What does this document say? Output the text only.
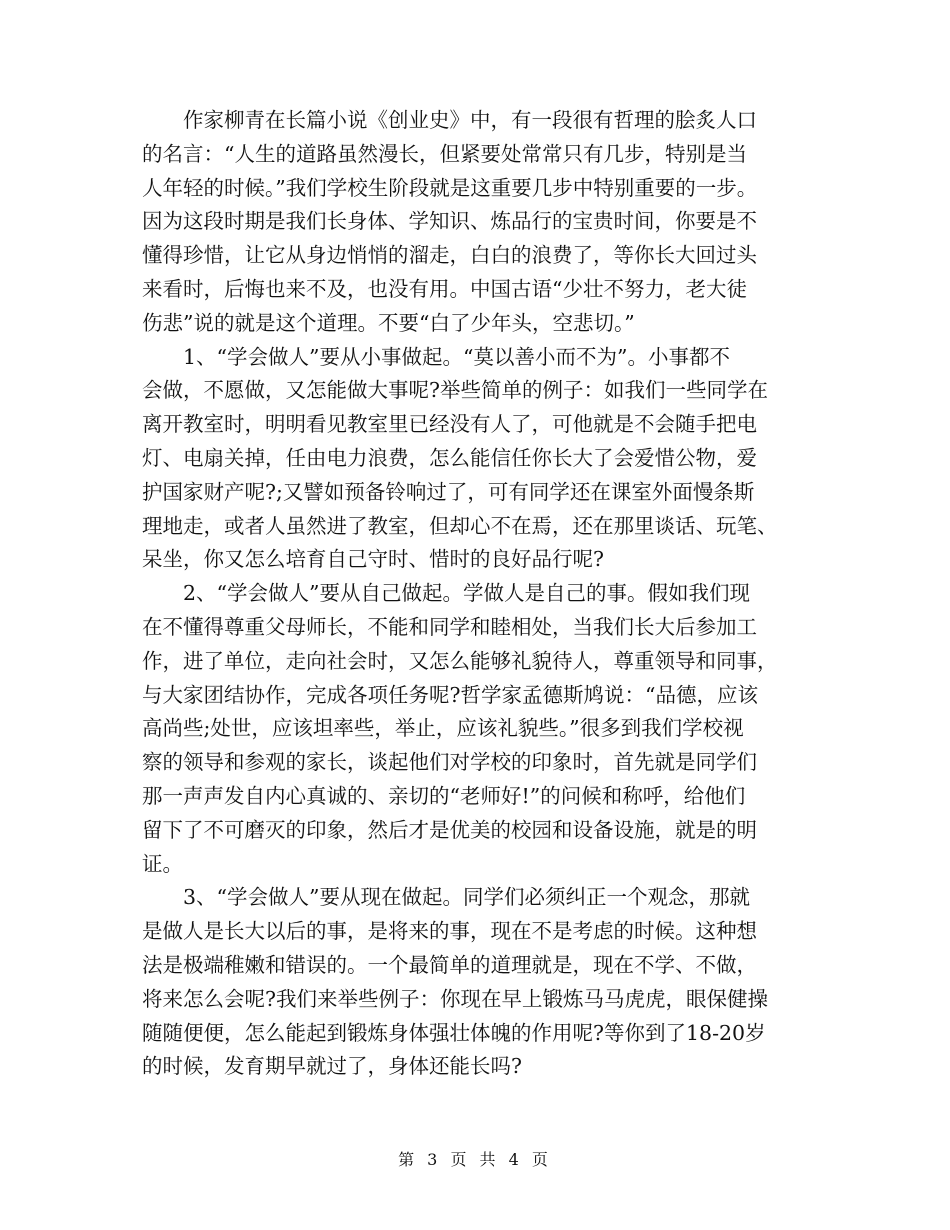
　　作家柳青在长篇小说《创业史》中，有一段很有哲理的脍炙人口
的名言：“人生的道路虽然漫长，但紧要处常常只有几步，特别是当
人年轻的时候。”我们学校生阶段就是这重要几步中特别重要的一步。
因为这段时期是我们长身体、学知识、炼品行的宝贵时间，你要是不
懂得珍惜，让它从身边悄悄的溜走，白白的浪费了，等你长大回过头
来看时，后悔也来不及，也没有用。中国古语“少壮不努力，老大徒
伤悲”说的就是这个道理。不要“白了少年头，空悲切。”
　　1、“学会做人”要从小事做起。“莫以善小而不为”。小事都不
会做，不愿做，又怎能做大事呢?举些简单的例子：如我们一些同学在
离开教室时，明明看见教室里已经没有人了，可他就是不会随手把电
灯、电扇关掉，任由电力浪费，怎么能信任你长大了会爱惜公物，爱
护国家财产呢?;又譬如预备铃响过了，可有同学还在课室外面慢条斯
理地走，或者人虽然进了教室，但却心不在焉，还在那里谈话、玩笔、
呆坐，你又怎么培育自己守时、惜时的良好品行呢?
　　2、“学会做人”要从自己做起。学做人是自己的事。假如我们现
在不懂得尊重父母师长，不能和同学和睦相处，当我们长大后参加工
作，进了单位，走向社会时，又怎么能够礼貌待人，尊重领导和同事，
与大家团结协作，完成各项任务呢?哲学家孟德斯鸠说：“品德，应该
高尚些;处世，应该坦率些，举止，应该礼貌些。”很多到我们学校视
察的领导和参观的家长，谈起他们对学校的印象时，首先就是同学们
那一声声发自内心真诚的、亲切的“老师好!”的问候和称呼，给他们
留下了不可磨灭的印象，然后才是优美的校园和设备设施，就是的明
证。
　　3、“学会做人”要从现在做起。同学们必须纠正一个观念，那就
是做人是长大以后的事，是将来的事，现在不是考虑的时候。这种想
法是极端稚嫩和错误的。一个最简单的道理就是，现在不学、不做，
将来怎么会呢?我们来举些例子：你现在早上锻炼马马虎虎，眼保健操
随随便便，怎么能起到锻炼身体强壮体魄的作用呢?等你到了18-20岁
的时候，发育期早就过了，身体还能长吗?
第 3 页 共 4 页
